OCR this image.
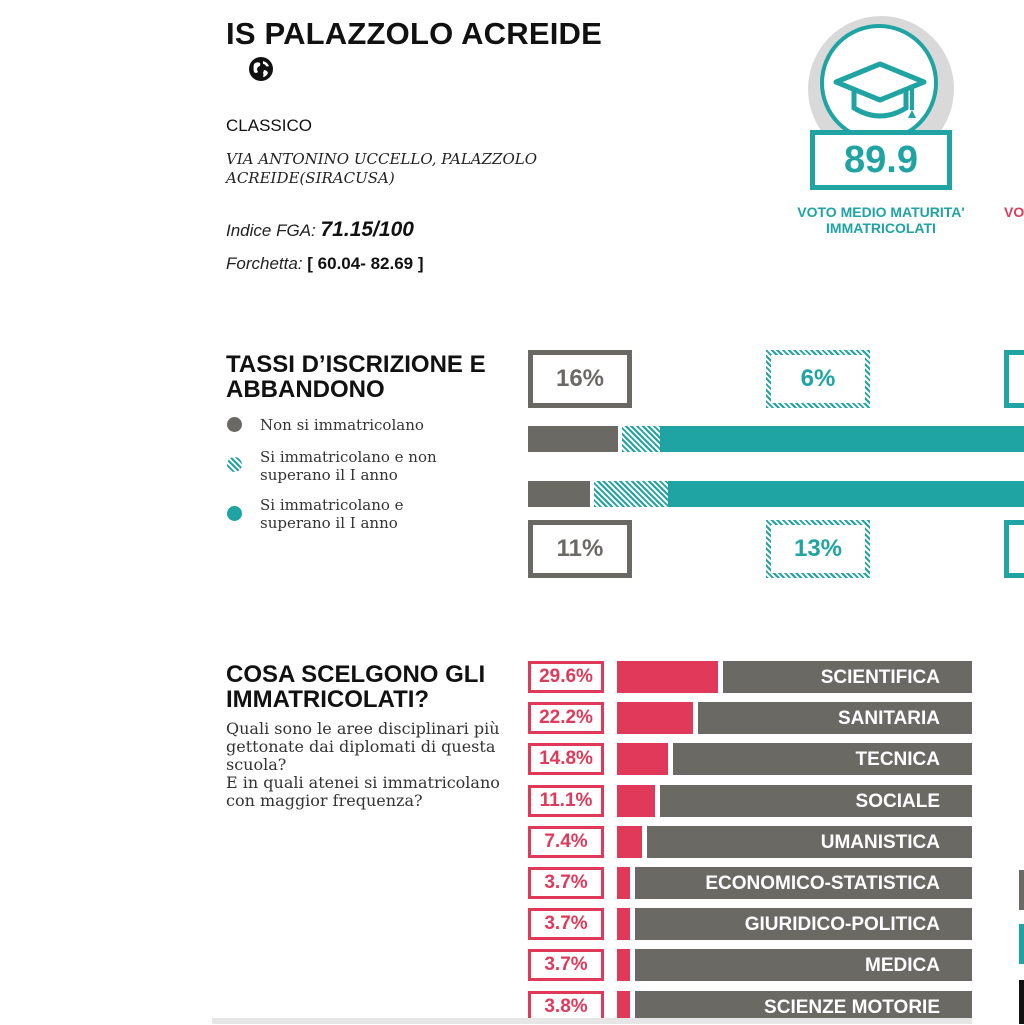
IS PALAZZOLO ACREIDE
CLASSICO
VIA ANTONINO UCCELLO, PALAZZOLO ACREIDE(SIRACUSA)
Indice FGA: 71.15/100
Forchetta: [ 60.04- 82.69 ]
89.9
VOTO MEDIO MATURITA' IMMATRICOLATI
VO
TASSI D’ISCRIZIONE E ABBANDONO
Non si immatricolano
Si immatricolano e non superano il I anno
Si immatricolano e superano il I anno
16%	6%
11%	13%
COSA SCELGONO GLI IMMATRICOLATI?
Quali sono le aree disciplinari più gettonate dai diplomati di questa scuola?
E in quali atenei si immatricolano con maggior frequenza?
29.6%	SCIENTIFICA
22.2%	SANITARIA
14.8%	TECNICA
11.1%	SOCIALE
7.4%	UMANISTICA
3.7%	ECONOMICO-STATISTICA
3.7%	GIURIDICO-POLITICA
3.7%	MEDICA
3.8%	SCIENZE MOTORIE
